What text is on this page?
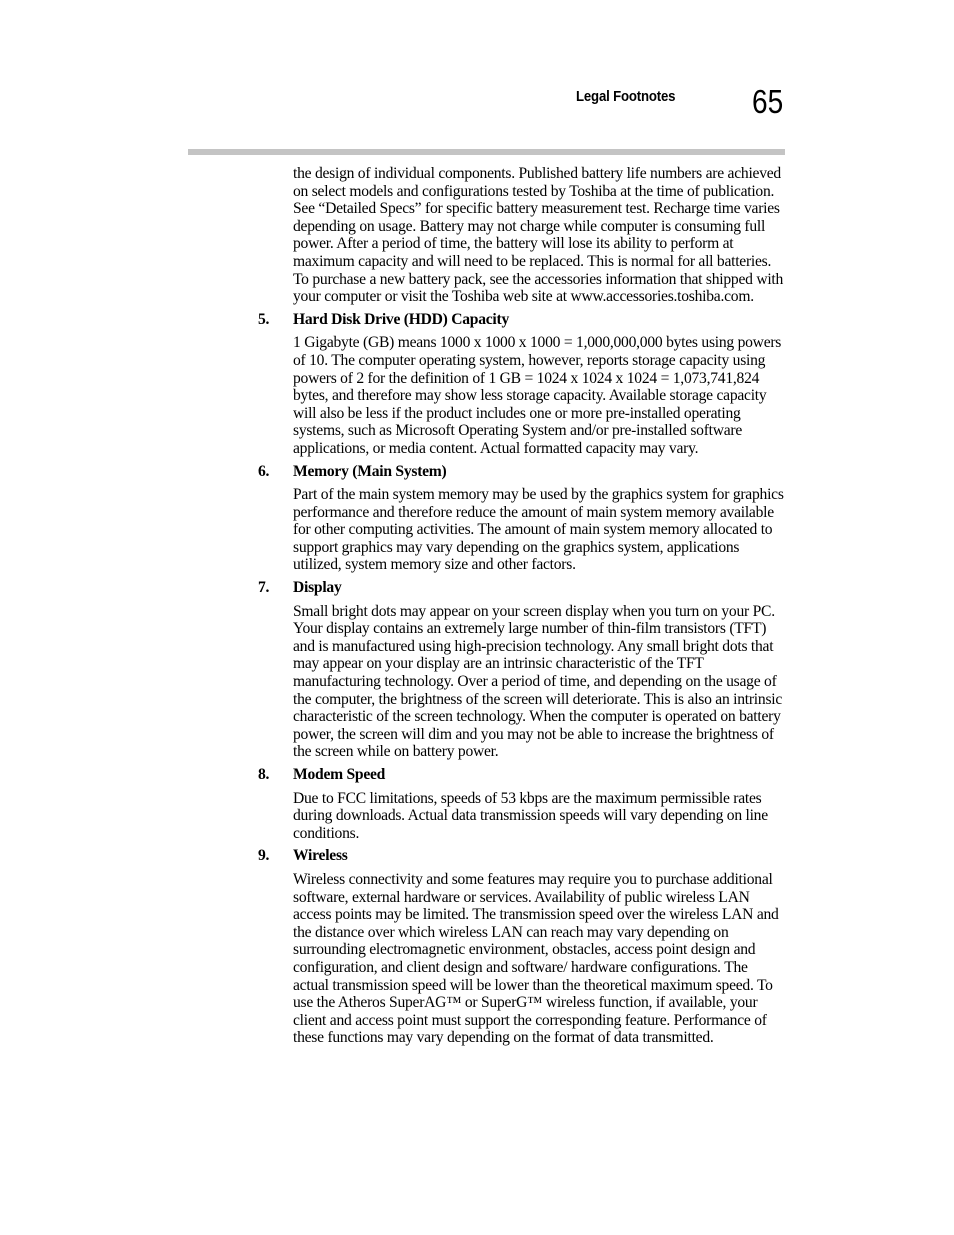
Legal Footnotes 65

the design of individual components. Published battery life numbers are achieved on select models and configurations tested by Toshiba at the time of publication. See “Detailed Specs” for specific battery measurement test. Recharge time varies depending on usage. Battery may not charge while computer is consuming full power. After a period of time, the battery will lose its ability to perform at maximum capacity and will need to be replaced. This is normal for all batteries. To purchase a new battery pack, see the accessories information that shipped with your computer or visit the Toshiba web site at www.accessories.toshiba.com.

5.	Hard Disk Drive (HDD) Capacity

1 Gigabyte (GB) means 1000 x 1000 x 1000 = 1,000,000,000 bytes using powers of 10. The computer operating system, however, reports storage capacity using powers of 2 for the definition of 1 GB = 1024 x 1024 x 1024 = 1,073,741,824 bytes, and therefore may show less storage capacity. Available storage capacity will also be less if the product includes one or more pre-installed operating systems, such as Microsoft Operating System and/or pre-installed software applications, or media content. Actual formatted capacity may vary.

6.	Memory (Main System)

Part of the main system memory may be used by the graphics system for graphics performance and therefore reduce the amount of main system memory available for other computing activities. The amount of main system memory allocated to support graphics may vary depending on the graphics system, applications utilized, system memory size and other factors.

7.	Display

Small bright dots may appear on your screen display when you turn on your PC. Your display contains an extremely large number of thin-film transistors (TFT) and is manufactured using high-precision technology. Any small bright dots that may appear on your display are an intrinsic characteristic of the TFT manufacturing technology. Over a period of time, and depending on the usage of the computer, the brightness of the screen will deteriorate. This is also an intrinsic characteristic of the screen technology. When the computer is operated on battery power, the screen will dim and you may not be able to increase the brightness of the screen while on battery power.

8.	Modem Speed

Due to FCC limitations, speeds of 53 kbps are the maximum permissible rates during downloads. Actual data transmission speeds will vary depending on line conditions.

9.	Wireless

Wireless connectivity and some features may require you to purchase additional software, external hardware or services. Availability of public wireless LAN access points may be limited. The transmission speed over the wireless LAN and the distance over which wireless LAN can reach may vary depending on surrounding electromagnetic environment, obstacles, access point design and configuration, and client design and software/ hardware configurations. The actual transmission speed will be lower than the theoretical maximum speed. To use the Atheros SuperAG™ or SuperG™ wireless function, if available, your client and access point must support the corresponding feature. Performance of these functions may vary depending on the format of data transmitted.
